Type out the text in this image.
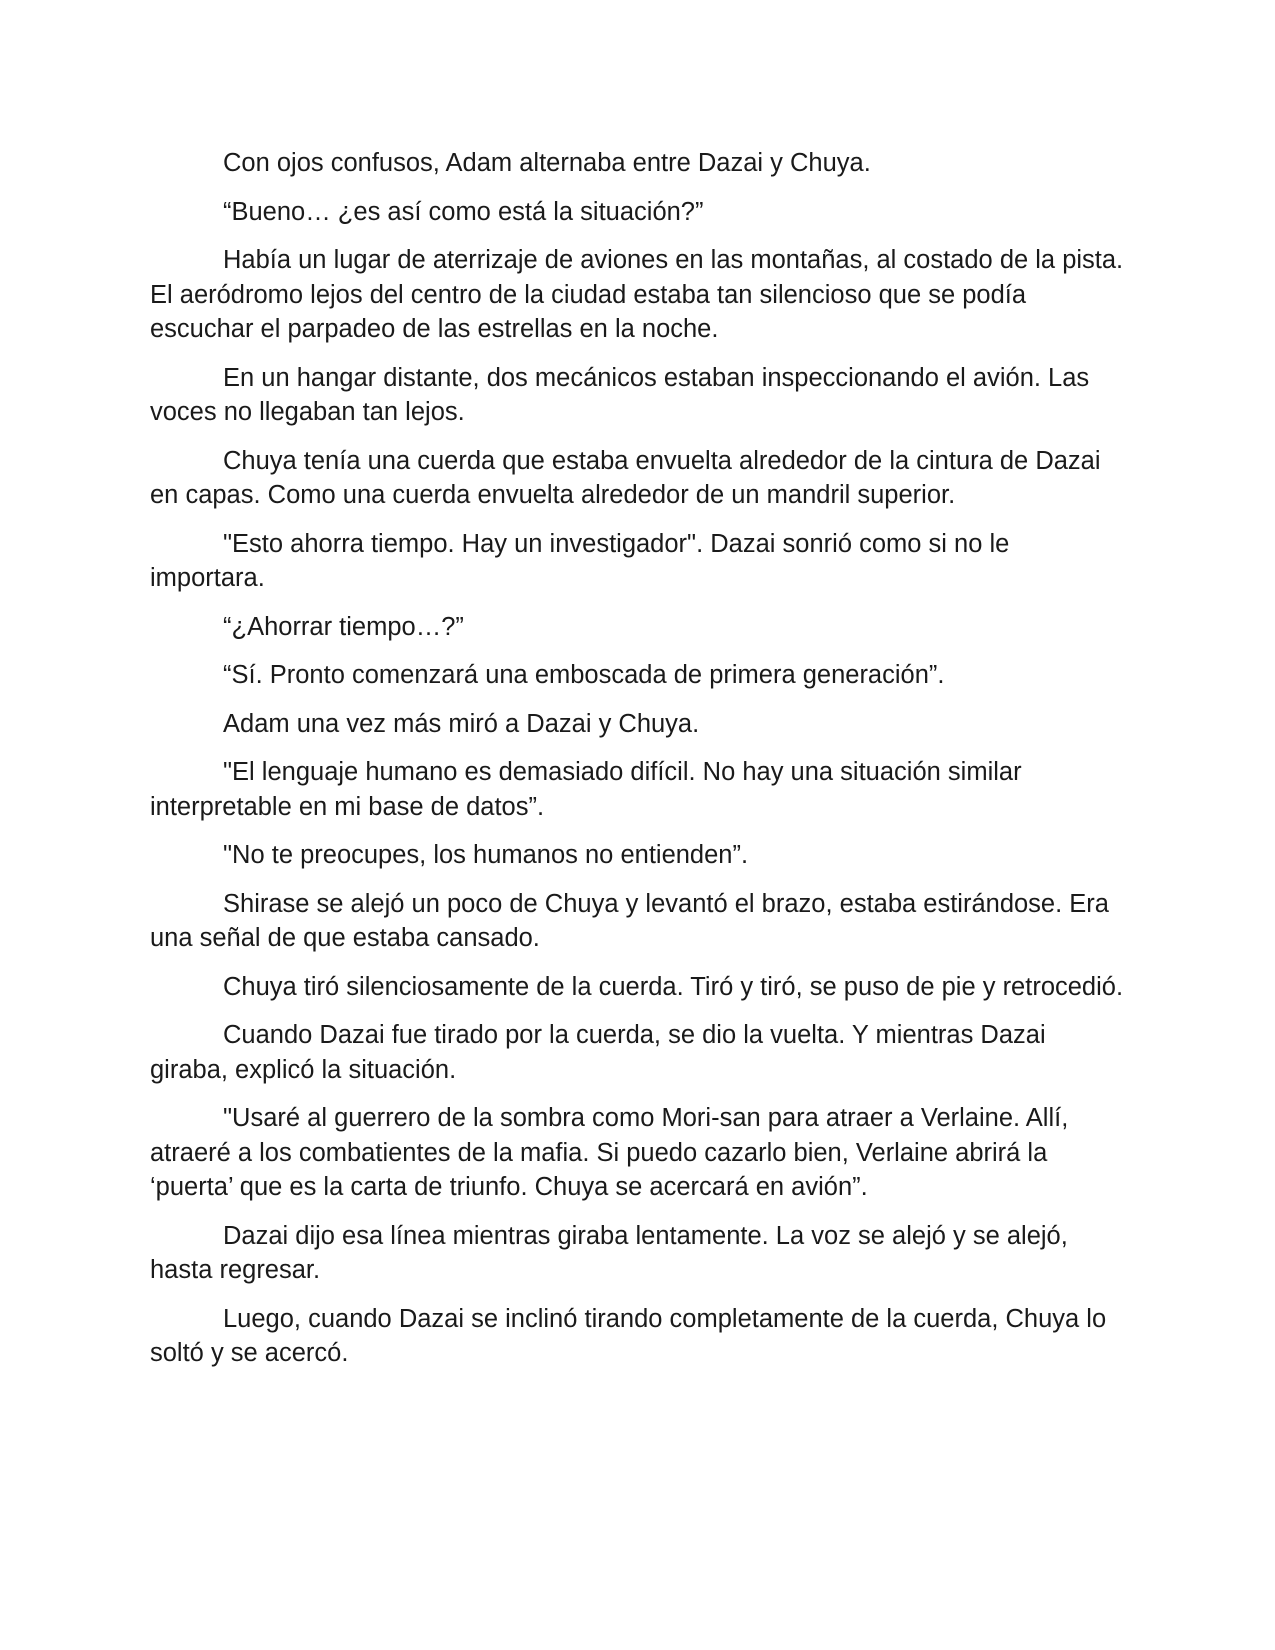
Con ojos confusos, Adam alternaba entre Dazai y Chuya.

“Bueno… ¿es así como está la situación?”

Había un lugar de aterrizaje de aviones en las montañas, al costado de la pista. El aeródromo lejos del centro de la ciudad estaba tan silencioso que se podía escuchar el parpadeo de las estrellas en la noche.

En un hangar distante, dos mecánicos estaban inspeccionando el avión. Las voces no llegaban tan lejos.

Chuya tenía una cuerda que estaba envuelta alrededor de la cintura de Dazai en capas. Como una cuerda envuelta alrededor de un mandril superior.

"Esto ahorra tiempo. Hay un investigador". Dazai sonrió como si no le importara.

“¿Ahorrar tiempo…?”

“Sí. Pronto comenzará una emboscada de primera generación”.

Adam una vez más miró a Dazai y Chuya.

"El lenguaje humano es demasiado difícil. No hay una situación similar interpretable en mi base de datos”.

"No te preocupes, los humanos no entienden”.

Shirase se alejó un poco de Chuya y levantó el brazo, estaba estirándose. Era una señal de que estaba cansado.

Chuya tiró silenciosamente de la cuerda. Tiró y tiró, se puso de pie y retrocedió.

Cuando Dazai fue tirado por la cuerda, se dio la vuelta. Y mientras Dazai giraba, explicó la situación.

"Usaré al guerrero de la sombra como Mori-san para atraer a Verlaine. Allí, atraeré a los combatientes de la mafia. Si puedo cazarlo bien, Verlaine abrirá la ‘puerta’ que es la carta de triunfo. Chuya se acercará en avión”.

Dazai dijo esa línea mientras giraba lentamente. La voz se alejó y se alejó, hasta regresar.

Luego, cuando Dazai se inclinó tirando completamente de la cuerda, Chuya lo soltó y se acercó.
